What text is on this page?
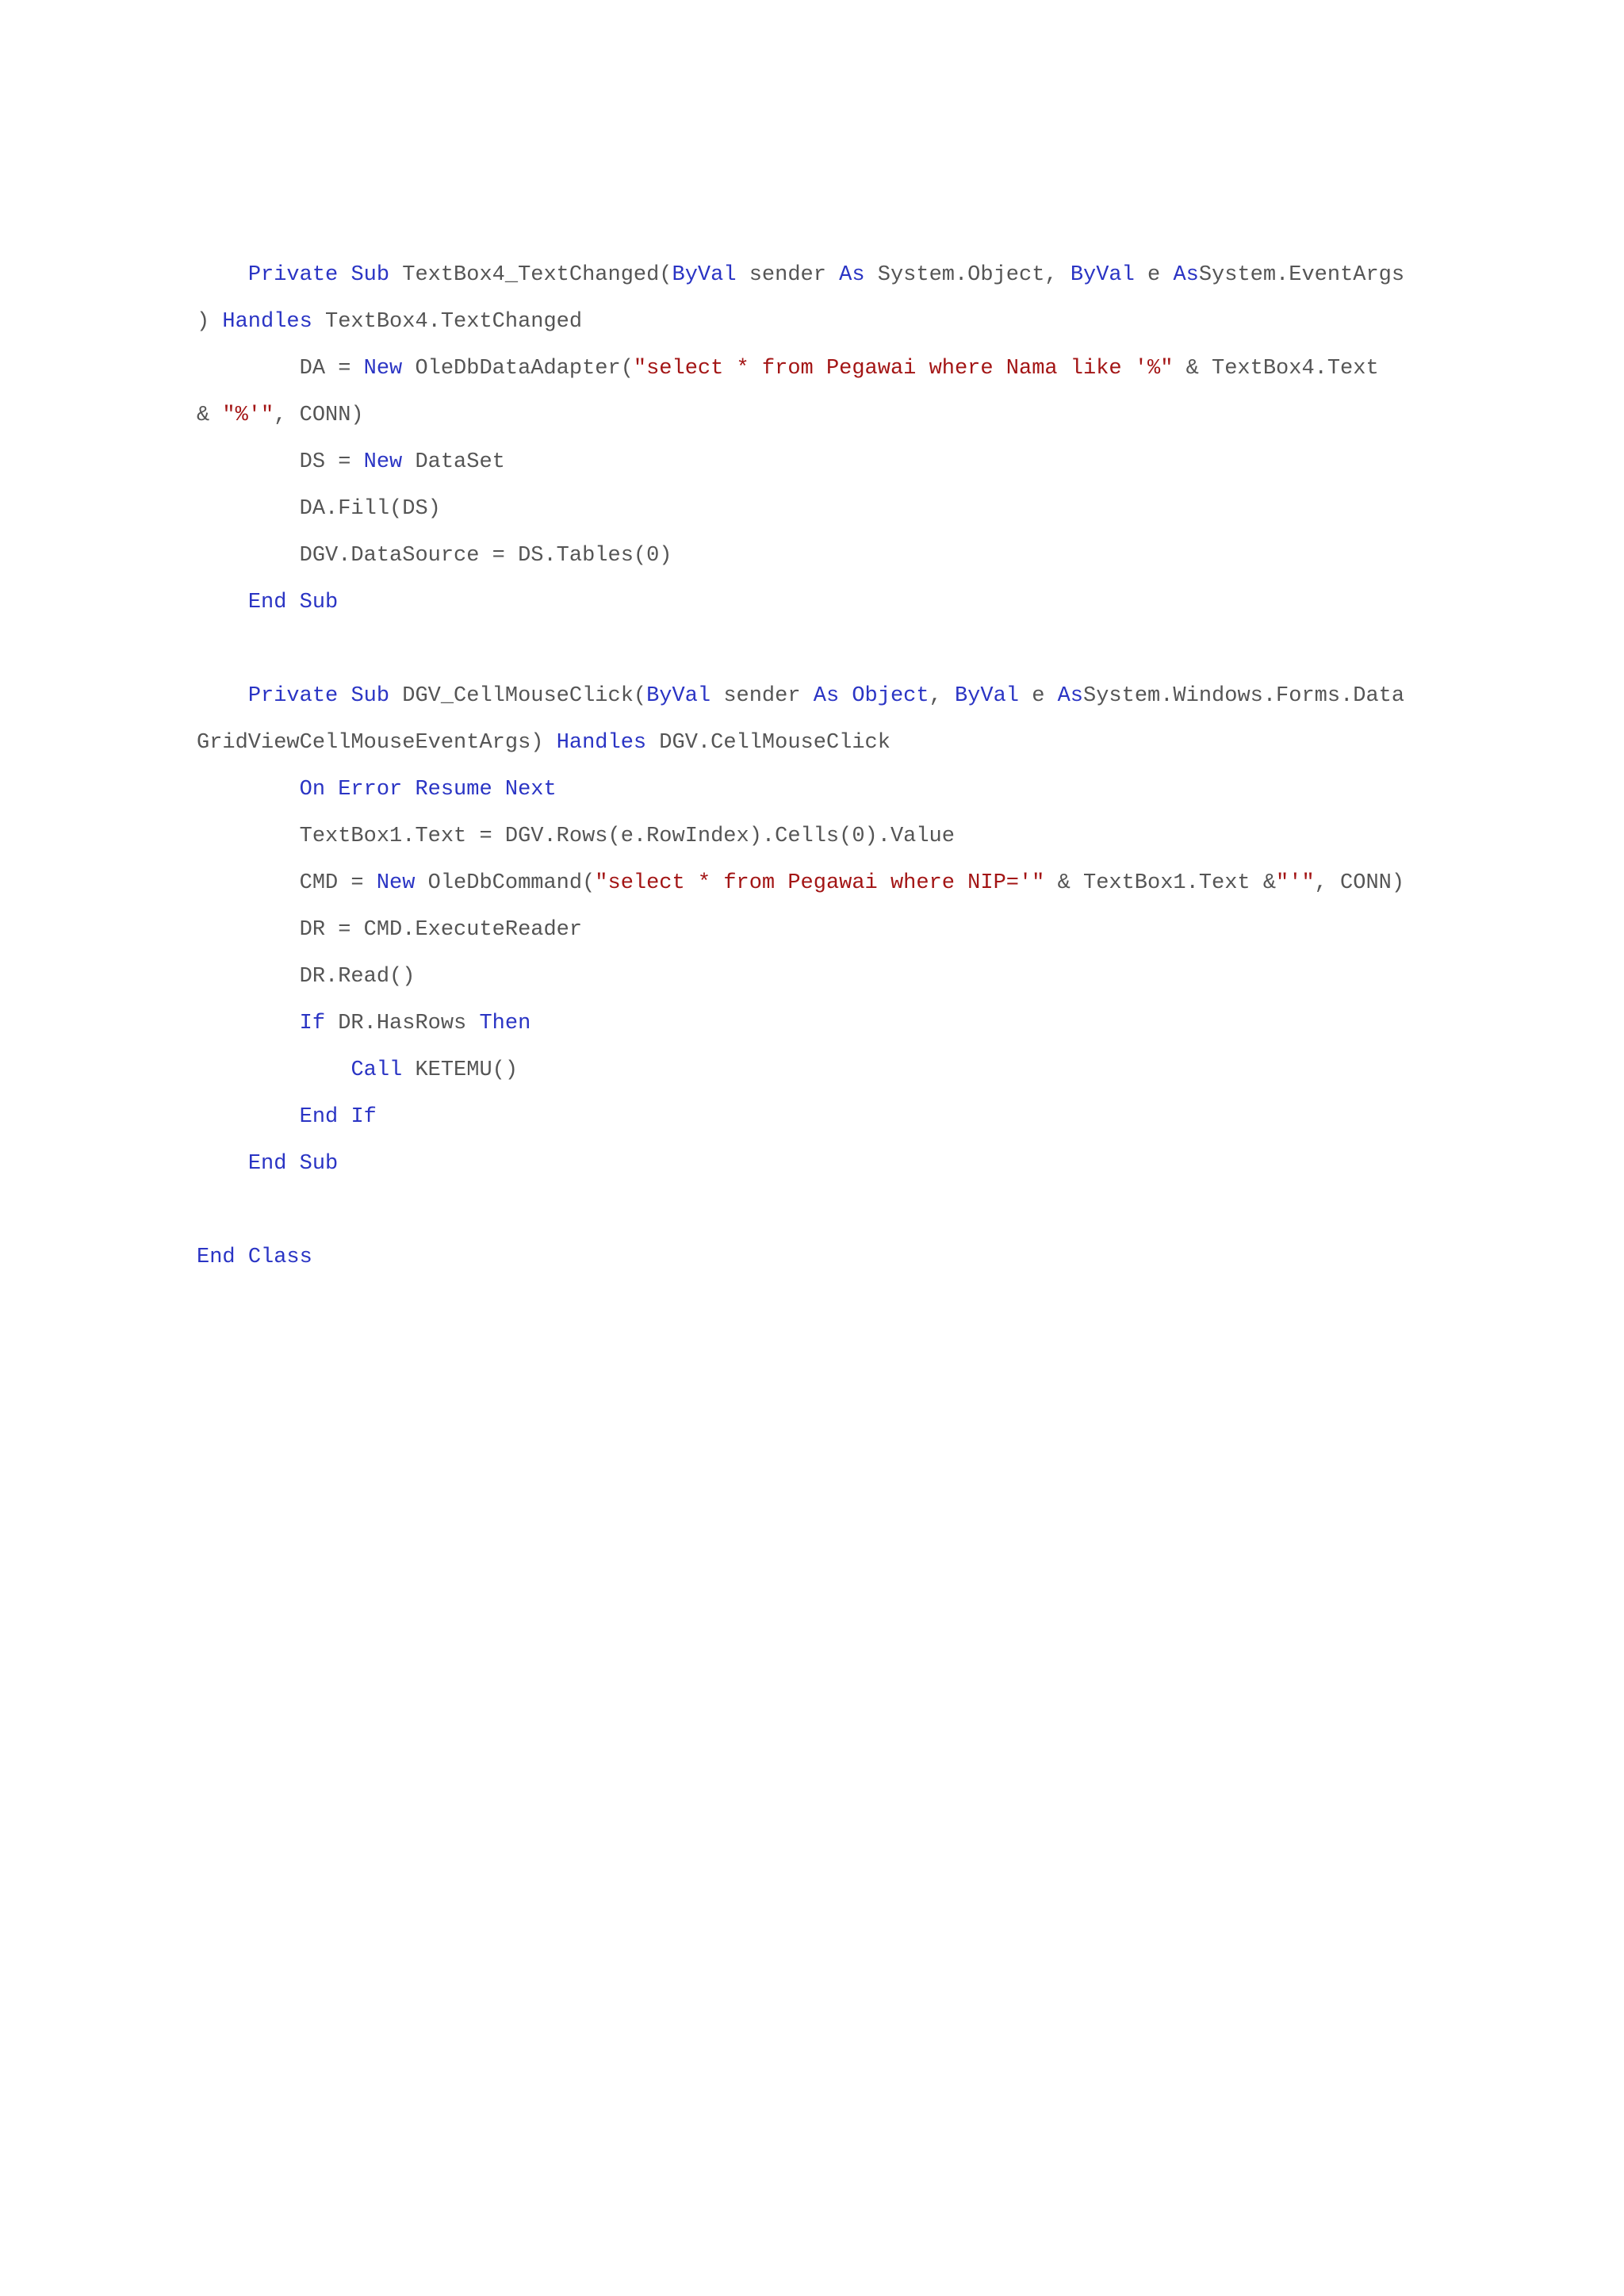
Private Sub TextBox4_TextChanged(ByVal sender As System.Object, ByVal e AsSystem.EventArgs
) Handles TextBox4.TextChanged
DA = New OleDbDataAdapter("select * from Pegawai where Nama like '%" & TextBox4.Text
& "%'", CONN)
DS = New DataSet
DA.Fill(DS)
DGV.DataSource = DS.Tables(0)
End Sub
Private Sub DGV_CellMouseClick(ByVal sender As Object, ByVal e AsSystem.Windows.Forms.Data
GridViewCellMouseEventArgs) Handles DGV.CellMouseClick
On Error Resume Next
TextBox1.Text = DGV.Rows(e.RowIndex).Cells(0).Value
CMD = New OleDbCommand("select * from Pegawai where NIP='" & TextBox1.Text &"'", CONN)
DR = CMD.ExecuteReader
DR.Read()
If DR.HasRows Then
Call KETEMU()
End If
End Sub
End Class
